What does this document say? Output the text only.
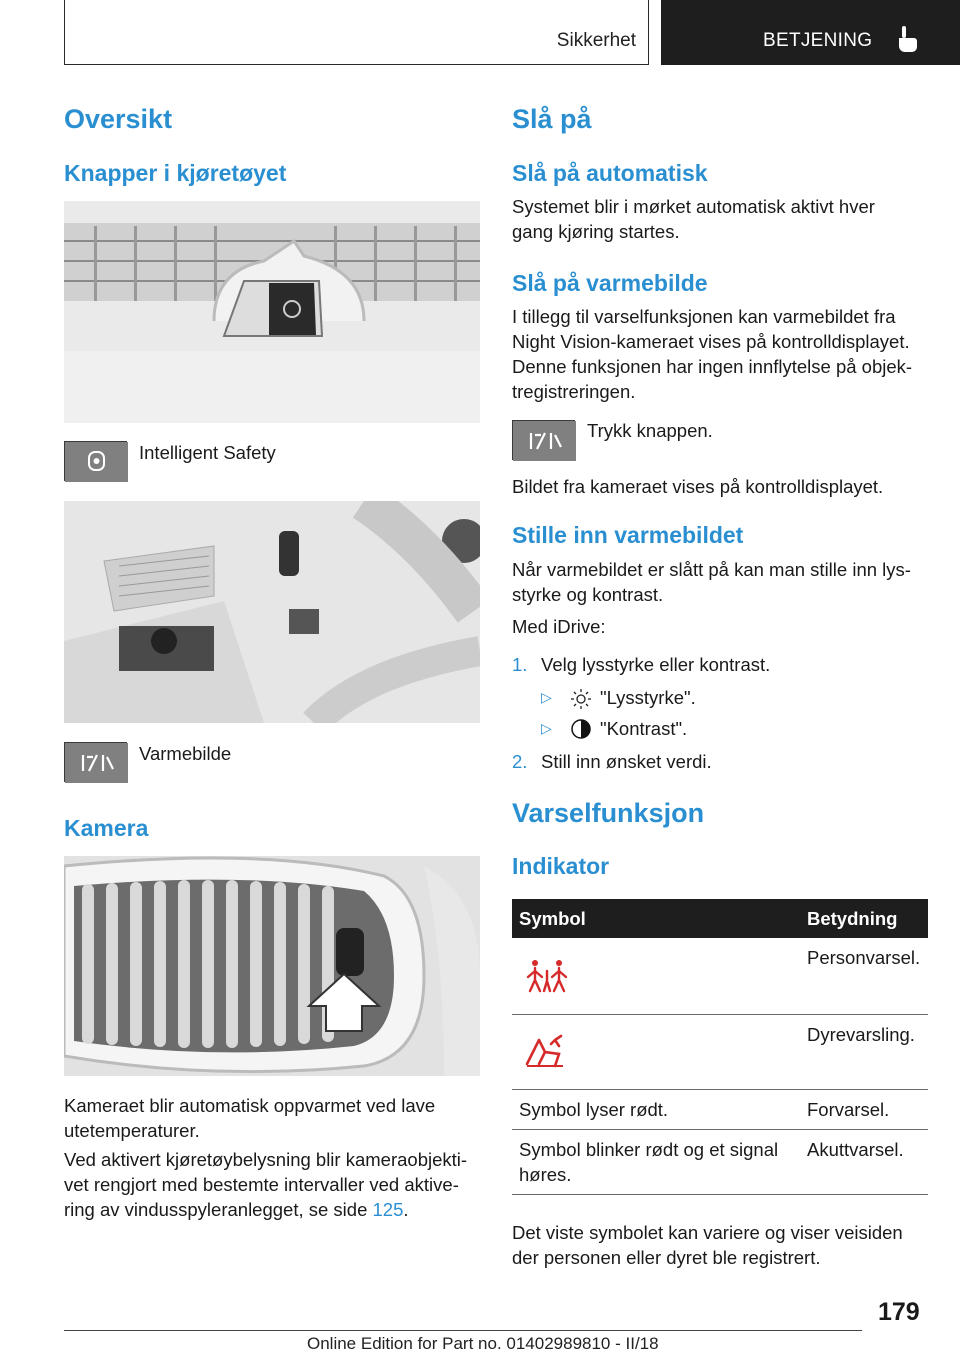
Sikkerhet	BETJENING
Oversikt
Knapper i kjøretøyet
Intelligent Safety
Varmebilde
Kamera
Kameraet blir automatisk oppvarmet ved lave utetemperaturer.
Ved aktivert kjøretøybelysning blir kameraobjektivet rengjort med bestemte intervaller ved aktivering av vindusspyleranlegget, se side 125.
Slå på
Slå på automatisk
Systemet blir i mørket automatisk aktivt hver gang kjøring startes.
Slå på varmebilde
I tillegg til varselfunksjonen kan varmebildet fra Night Vision-kameraet vises på kontrolldisplayet. Denne funksjonen har ingen innflytelse på objektregistreringen.
Trykk knappen.
Bildet fra kameraet vises på kontrolldisplayet.
Stille inn varmebildet
Når varmebildet er slått på kan man stille inn lysstyrke og kontrast.
Med iDrive:
1. Velg lysstyrke eller kontrast.
▷	"Lysstyrke".
▷	"Kontrast".
2. Still inn ønsket verdi.
Varselfunksjon
Indikator
Symbol	Betydning
	Personvarsel.
	Dyrevarsling.
Symbol lyser rødt.	Forvarsel.
Symbol blinker rødt og et signal høres.	Akuttvarsel.
Det viste symbolet kan variere og viser veisiden der personen eller dyret ble registrert.
179
Online Edition for Part no. 01402989810 - II/18
